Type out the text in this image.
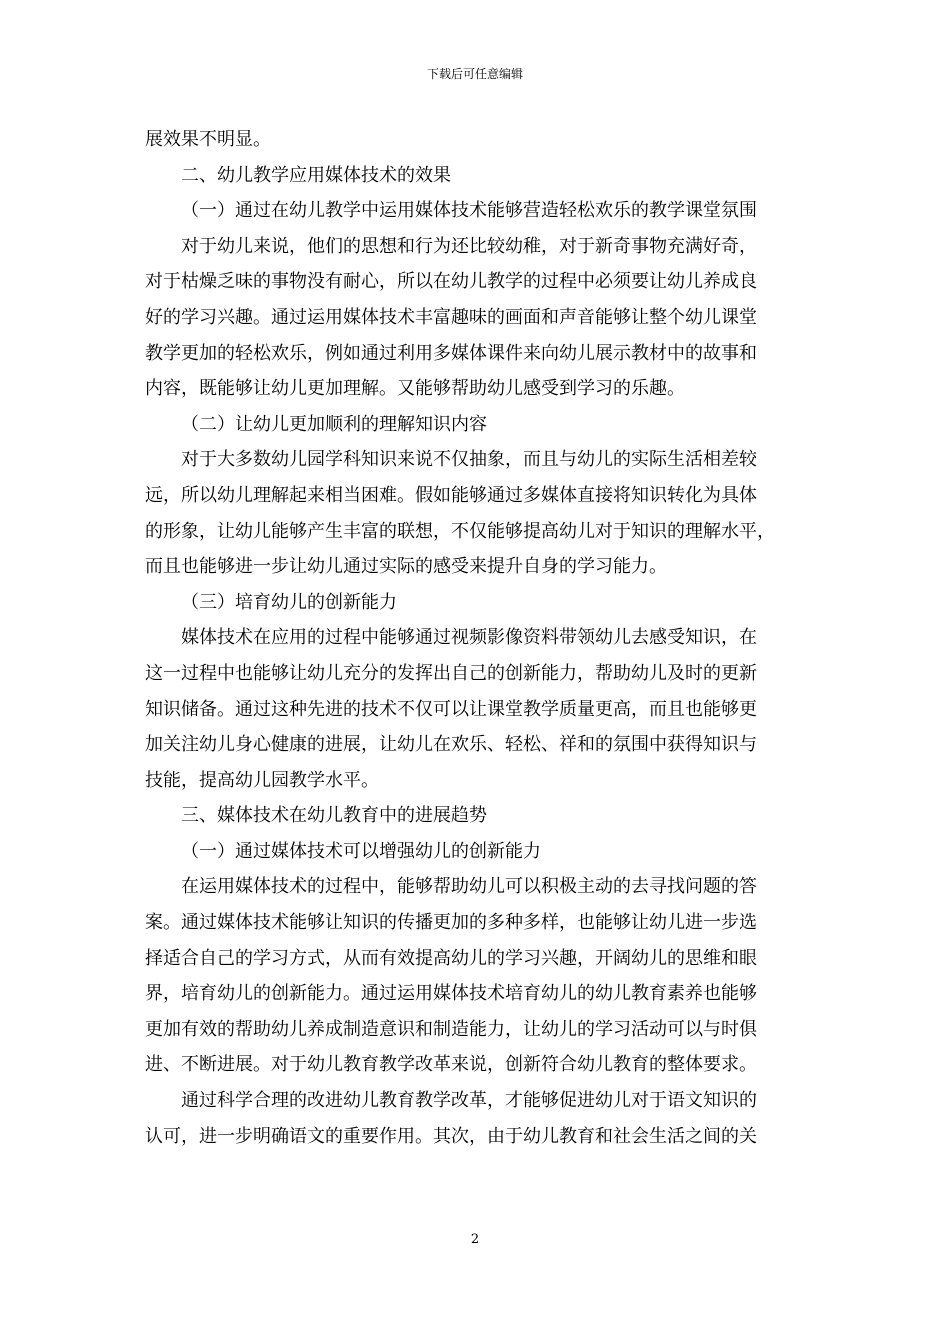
下载后可任意编辑
展效果不明显。
二、幼儿教学应用媒体技术的效果
（一）通过在幼儿教学中运用媒体技术能够营造轻松欢乐的教学课堂氛围
对于幼儿来说，他们的思想和行为还比较幼稚，对于新奇事物充满好奇，
对于枯燥乏味的事物没有耐心，所以在幼儿教学的过程中必须要让幼儿养成良
好的学习兴趣。通过运用媒体技术丰富趣味的画面和声音能够让整个幼儿课堂
教学更加的轻松欢乐，例如通过利用多媒体课件来向幼儿展示教材中的故事和
内容，既能够让幼儿更加理解。又能够帮助幼儿感受到学习的乐趣。
（二）让幼儿更加顺利的理解知识内容
对于大多数幼儿园学科知识来说不仅抽象，而且与幼儿的实际生活相差较
远，所以幼儿理解起来相当困难。假如能够通过多媒体直接将知识转化为具体
的形象，让幼儿能够产生丰富的联想，不仅能够提高幼儿对于知识的理解水平，
而且也能够进一步让幼儿通过实际的感受来提升自身的学习能力。
（三）培育幼儿的创新能力
媒体技术在应用的过程中能够通过视频影像资料带领幼儿去感受知识，在
这一过程中也能够让幼儿充分的发挥出自己的创新能力，帮助幼儿及时的更新
知识储备。通过这种先进的技术不仅可以让课堂教学质量更高，而且也能够更
加关注幼儿身心健康的进展，让幼儿在欢乐、轻松、祥和的氛围中获得知识与
技能，提高幼儿园教学水平。
三、媒体技术在幼儿教育中的进展趋势
（一）通过媒体技术可以增强幼儿的创新能力
在运用媒体技术的过程中，能够帮助幼儿可以积极主动的去寻找问题的答
案。通过媒体技术能够让知识的传播更加的多种多样，也能够让幼儿进一步选
择适合自己的学习方式，从而有效提高幼儿的学习兴趣，开阔幼儿的思维和眼
界，培育幼儿的创新能力。通过运用媒体技术培育幼儿的幼儿教育素养也能够
更加有效的帮助幼儿养成制造意识和制造能力，让幼儿的学习活动可以与时俱
进、不断进展。对于幼儿教育教学改革来说，创新符合幼儿教育的整体要求。
通过科学合理的改进幼儿教育教学改革，才能够促进幼儿对于语文知识的
认可，进一步明确语文的重要作用。其次，由于幼儿教育和社会生活之间的关
2
